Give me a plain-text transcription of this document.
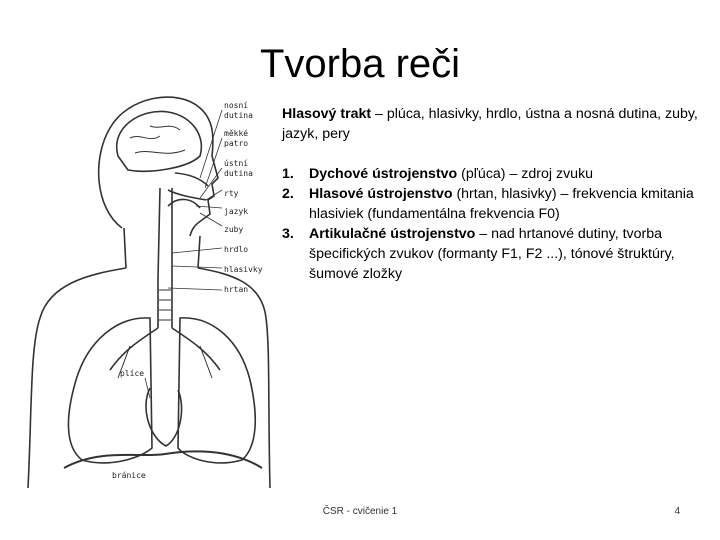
Tvorba reči
nosní
dutina
měkké
patro
ústní
dutina
rty
jazyk
zuby
hrdlo
hlasivky
hrtan
plíce
bránice

Hlasový trakt – plúca, hlasivky, hrdlo, ústna a nosná dutina, zuby, jazyk, pery

1. Dychové ústrojenstvo (pľúca) – zdroj zvuku
2. Hlasové ústrojenstvo (hrtan, hlasivky) – frekvencia kmitania hlasiviek (fundamentálna frekvencia F0)
3. Artikulačné ústrojenstvo – nad hrtanové dutiny, tvorba špecifických zvukov (formanty F1, F2 ...), tónové štruktúry, šumové zložky
ČSR - cvičenie 1	4
